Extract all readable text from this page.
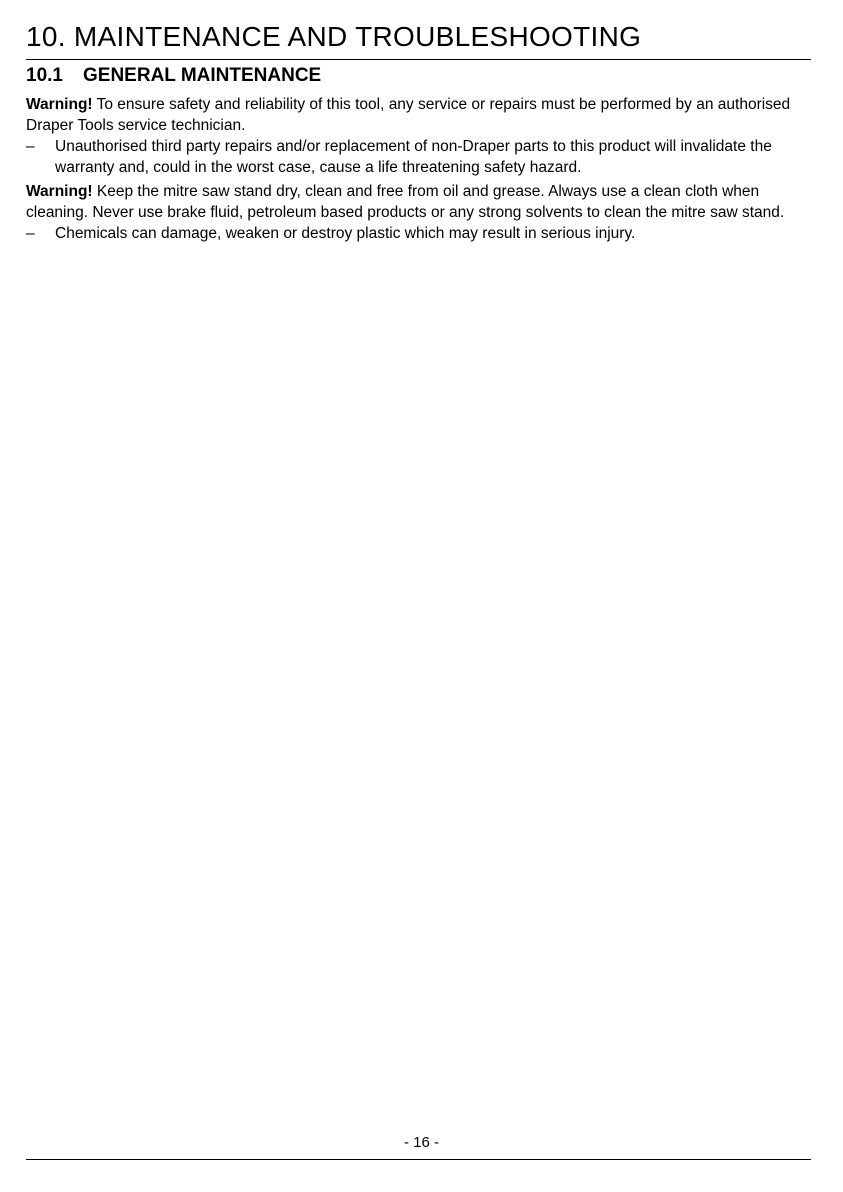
10. MAINTENANCE AND TROUBLESHOOTING
10.1 GENERAL MAINTENANCE

Warning! To ensure safety and reliability of this tool, any service or repairs must be performed by an authorised Draper Tools service technician.

–	Unauthorised third party repairs and/or replacement of non-Draper parts to this product will invalidate the warranty and, could in the worst case, cause a life threatening safety hazard.

Warning! Keep the mitre saw stand dry, clean and free from oil and grease. Always use a clean cloth when cleaning. Never use brake fluid, petroleum based products or any strong solvents to clean the mitre saw stand.

–	Chemicals can damage, weaken or destroy plastic which may result in serious injury.
- 16 -
